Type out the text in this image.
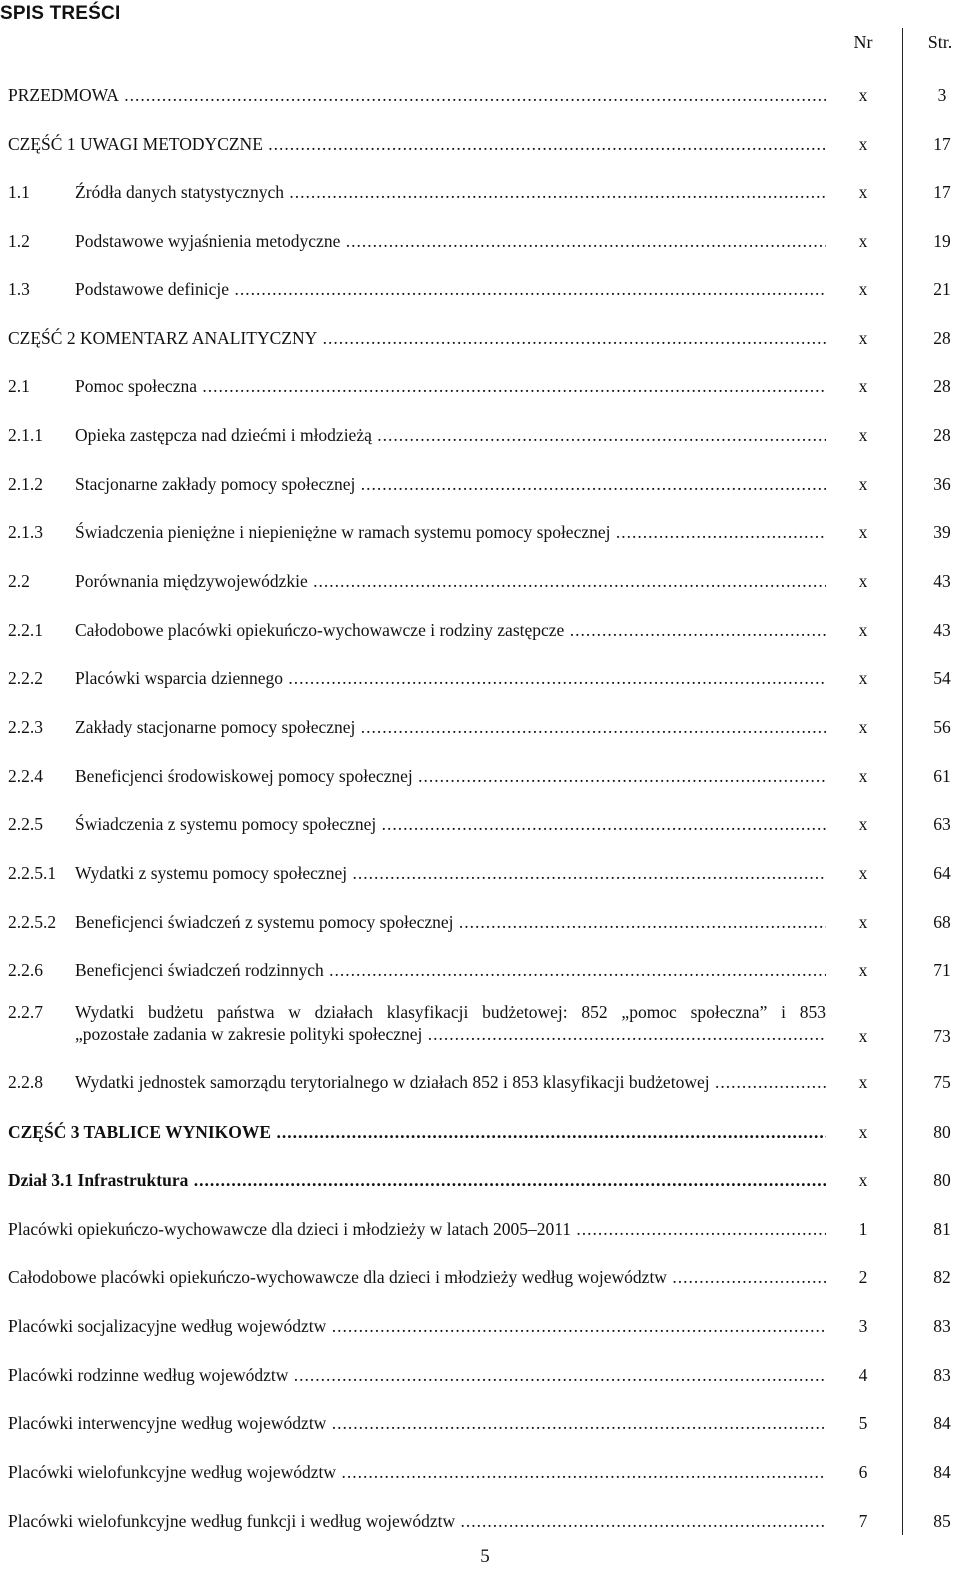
SPIS TREŚCI
Nr	Str.
PRZEDMOWA .....	x	3
CZĘŚĆ 1 UWAGI METODYCZNE .....	x	17
1.1	Źródła danych statystycznych .....	x	17
1.2	Podstawowe wyjaśnienia metodyczne .....	x	19
1.3	Podstawowe definicje .....	x	21
CZĘŚĆ 2 KOMENTARZ ANALITYCZNY .....	x	28
2.1	Pomoc społeczna .....	x	28
2.1.1 Opieka zastępcza nad dziećmi i młodzieżą .....	x	28
2.1.2 Stacjonarne zakłady pomocy społecznej .....	x	36
2.1.3 Świadczenia pieniężne i niepieniężne w ramach systemu pomocy społecznej .....	x	39
2.2	Porównania międzywojewódzkie .....	x	43
2.2.1 Całodobowe placówki opiekuńczo-wychowawcze i rodziny zastępcze .....	x	43
2.2.2 Placówki wsparcia dziennego .....	x	54
2.2.3 Zakłady stacjonarne pomocy społecznej .....	x	56
2.2.4 Beneficjenci środowiskowej pomocy społecznej .....	x	61
2.2.5 Świadczenia z systemu pomocy społecznej .....	x	63
2.2.5.1 Wydatki z systemu pomocy społecznej .....	x	64
2.2.5.2 Beneficjenci świadczeń z systemu pomocy społecznej .....	x	68
2.2.6 Beneficjenci świadczeń rodzinnych .....	x	71
2.2.7 Wydatki budżetu państwa w działach klasyfikacji budżetowej: 852 „pomoc społeczna” i 853
„pozostałe zadania w zakresie polityki społecznej .....	x	73
2.2.8 Wydatki jednostek samorządu terytorialnego w działach 852 i 853 klasyfikacji budżetowej .....	x	75
CZĘŚĆ 3 TABLICE WYNIKOWE .....	x	80
Dział 3.1 Infrastruktura .....	x	80
Placówki opiekuńczo-wychowawcze dla dzieci i młodzieży w latach 2005‒2011 .....	1	81
Całodobowe placówki opiekuńczo-wychowawcze dla dzieci i młodzieży według województw .....	2	82
Placówki socjalizacyjne według województw .....	3	83
Placówki rodzinne według województw .....	4	83
Placówki interwencyjne według województw .....	5	84
Placówki wielofunkcyjne według województw .....	6	84
Placówki wielofunkcyjne według funkcji i według województw .....	7	85
5
